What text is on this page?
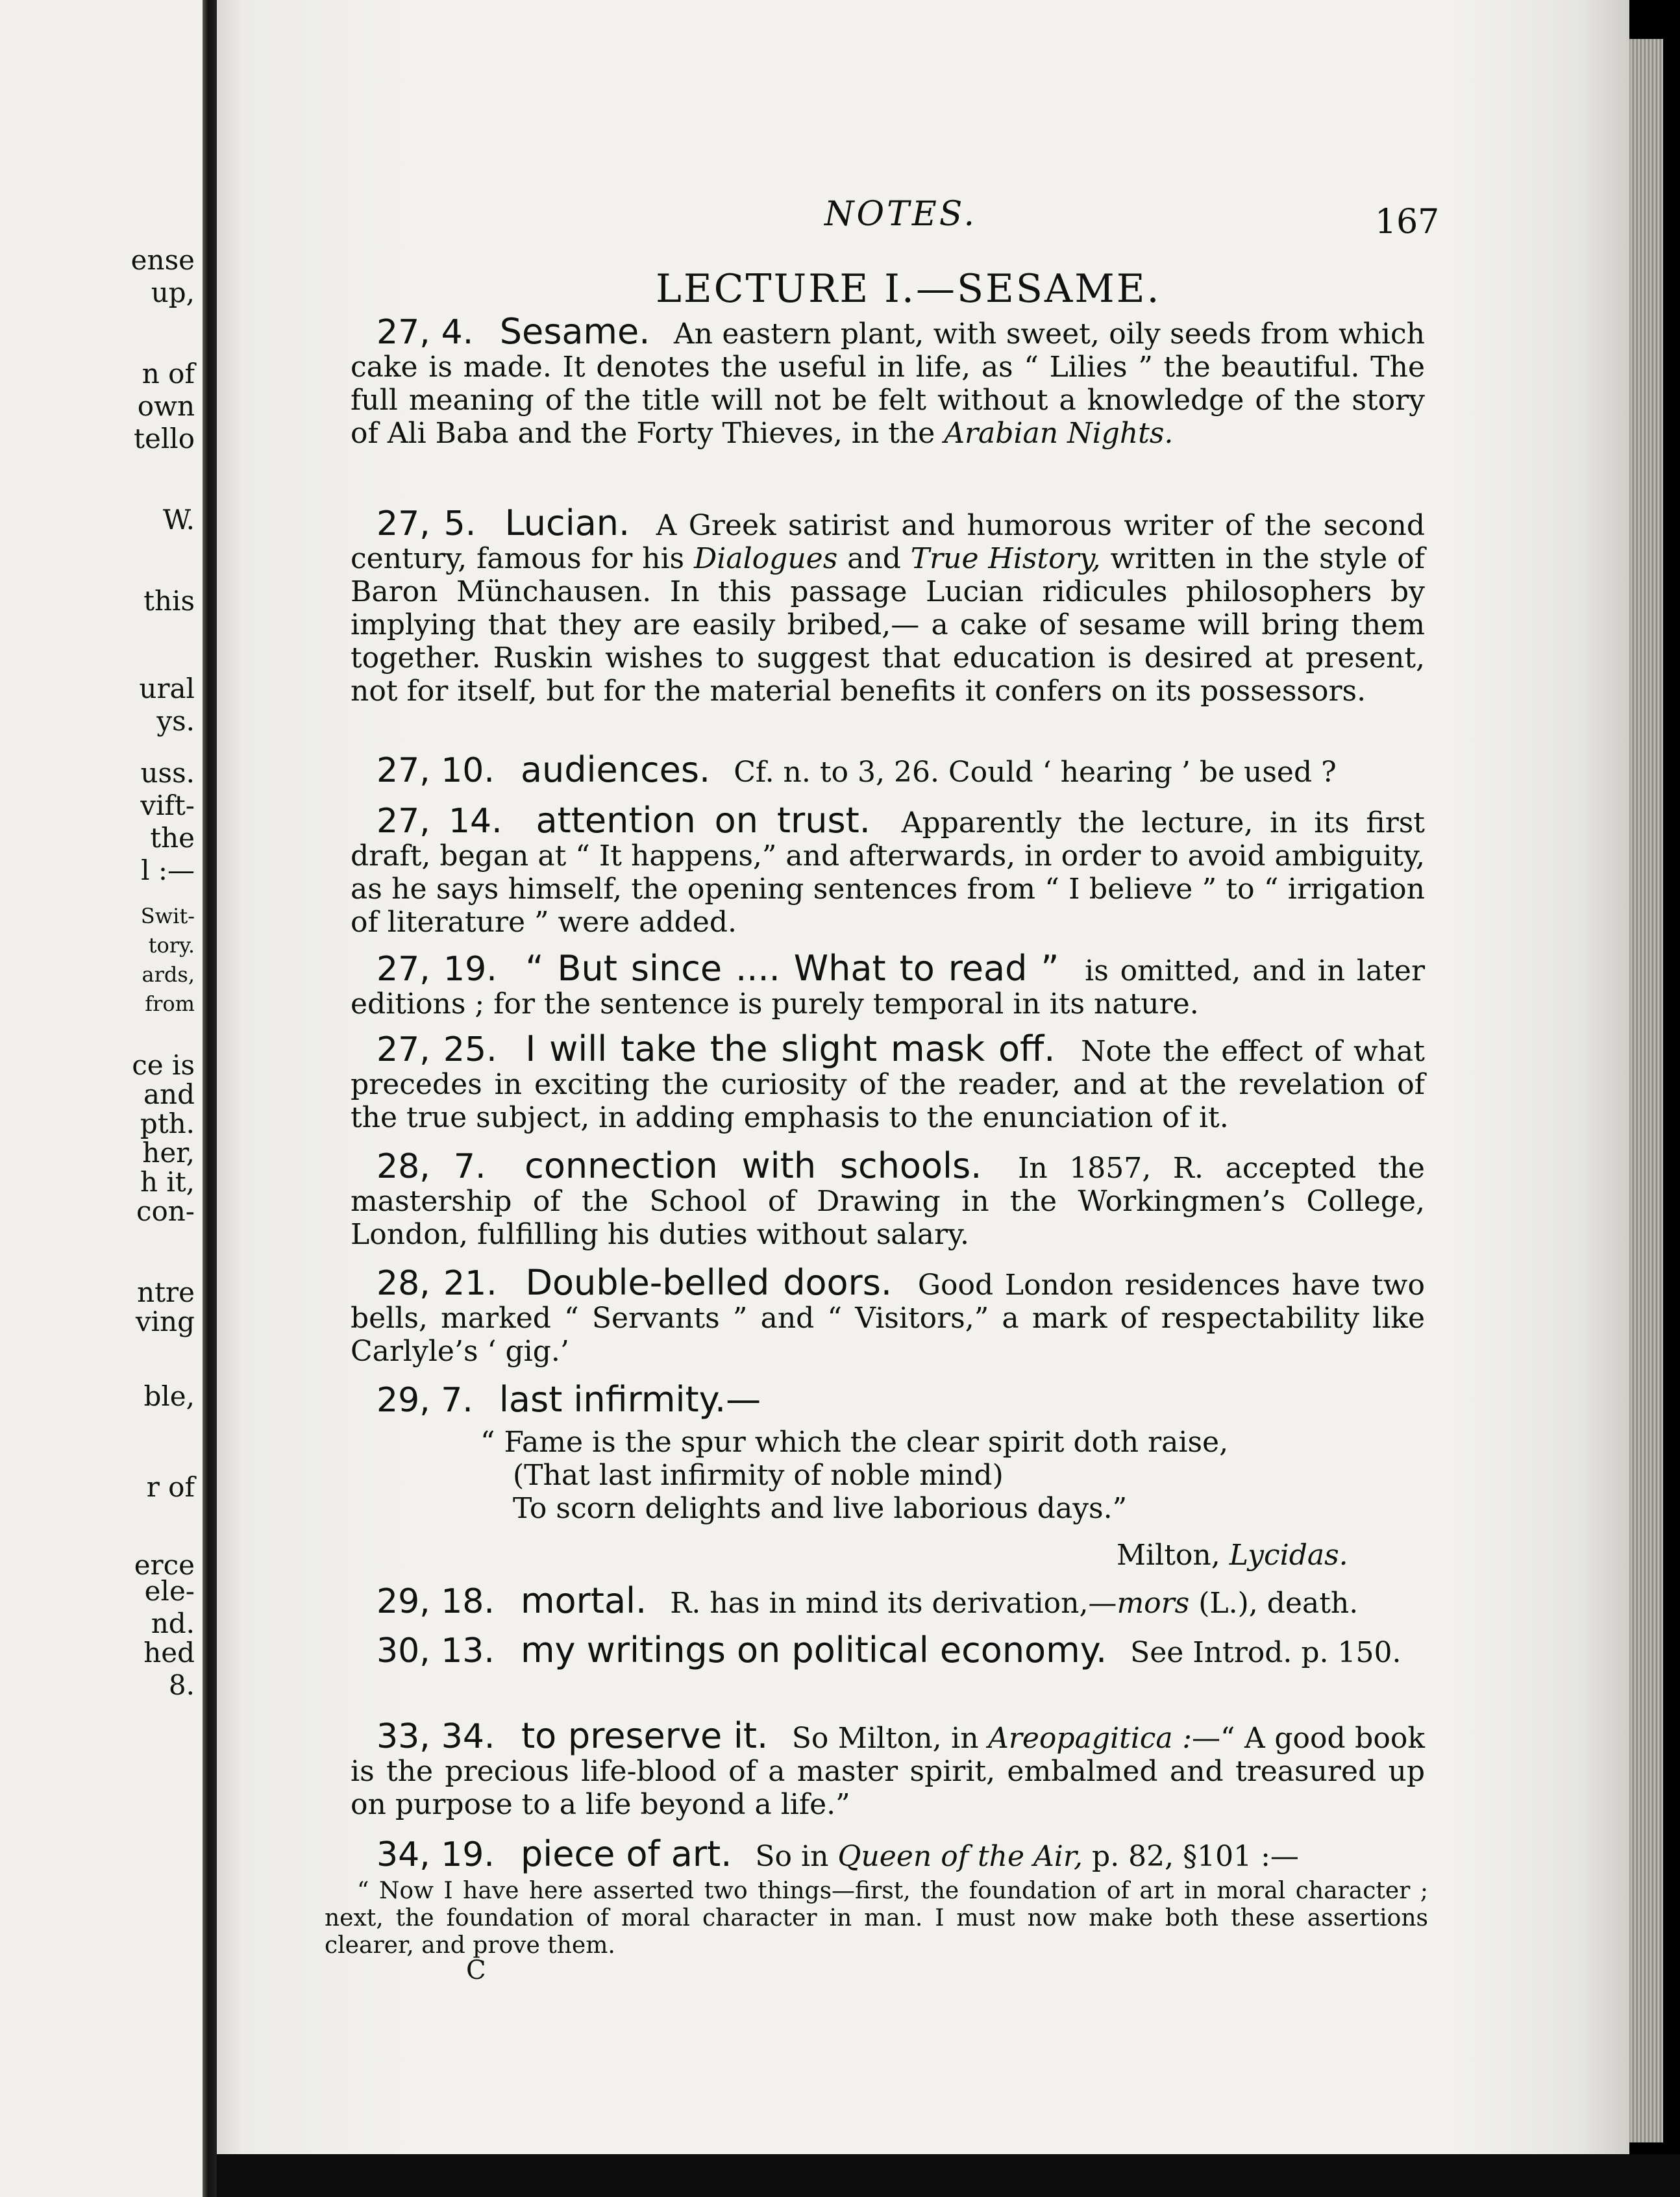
ense
up,
n of
own
tello
W.
this
ural
ys.
uss.
vift-
the
l :—
Swit-
tory.
ards,
from
ce is
and
pth.
her,
h it,
con-
ntre
ving
ble,
r of
erce
ele-
nd.
hed
8.
NOTES.	167
LECTURE I.—SESAME.
27, 4. Sesame. An eastern plant, with sweet, oily seeds from which cake is made. It denotes the useful in life, as “ Lilies ” the beautiful. The full meaning of the title will not be felt without a knowledge of the story of Ali Baba and the Forty Thieves, in the Arabian Nights.
27, 5. Lucian. A Greek satirist and humorous writer of the second century, famous for his Dialogues and True History, written in the style of Baron Münchausen. In this passage Lucian ridicules philosophers by implying that they are easily bribed,— a cake of sesame will bring them together. Ruskin wishes to suggest that education is desired at present, not for itself, but for the material benefits it confers on its possessors.
27, 10. audiences. Cf. n. to 3, 26. Could ‘ hearing ’ be used ?
27, 14. attention on trust. Apparently the lecture, in its first draft, began at “ It happens,” and afterwards, in order to avoid ambiguity, as he says himself, the opening sentences from “ I believe ” to “ irrigation of literature ” were added.
27, 19. “ But since .... What to read ” is omitted, and in later editions ; for the sentence is purely temporal in its nature.
27, 25. I will take the slight mask off. Note the effect of what precedes in exciting the curiosity of the reader, and at the revelation of the true subject, in adding emphasis to the enunciation of it.
28, 7. connection with schools. In 1857, R. accepted the mastership of the School of Drawing in the Workingmen’s College, London, fulfilling his duties without salary.
28, 21. Double-belled doors. Good London residences have two bells, marked “ Servants ” and “ Visitors,” a mark of respectability like Carlyle’s ‘ gig.’
29, 7. last infirmity.—
“ Fame is the spur which the clear spirit doth raise,
(That last infirmity of noble mind)
To scorn delights and live laborious days.”
Milton, Lycidas.
29, 18. mortal. R. has in mind its derivation,—mors (L.), death.
30, 13. my writings on political economy. See Introd. p. 150.
33, 34. to preserve it. So Milton, in Areopagitica :—“ A good book is the precious life-blood of a master spirit, embalmed and treasured up on purpose to a life beyond a life.”
34, 19. piece of art. So in Queen of the Air, p. 82, §101 :—
“ Now I have here asserted two things—first, the foundation of art in moral character ; next, the foundation of moral character in man. I must now make both these assertions clearer, and prove them.
C
